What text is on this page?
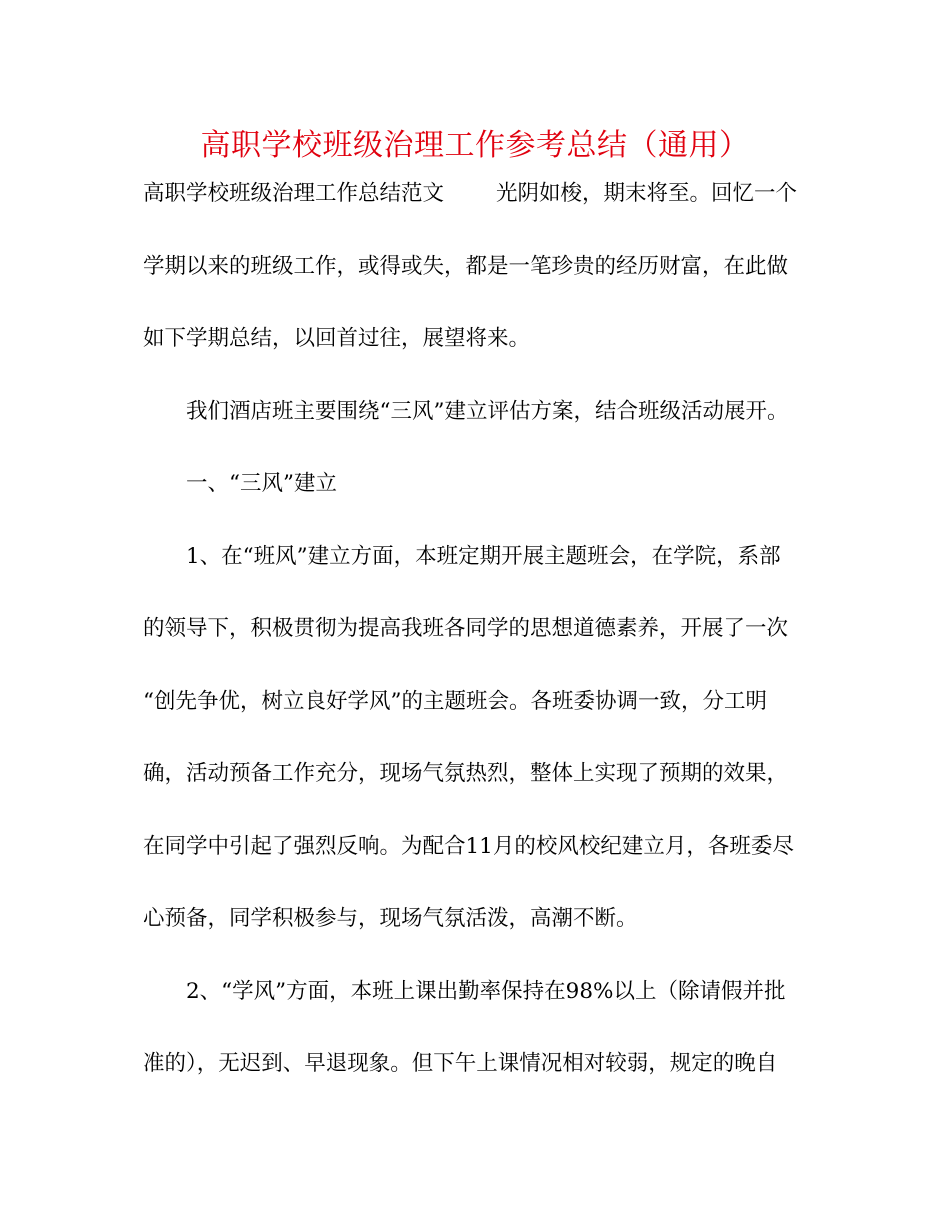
高职学校班级治理工作参考总结（通用）

高职学校班级治理工作总结范文 光阴如梭，期末将至。回忆一个

学期以来的班级工作，或得或失，都是一笔珍贵的经历财富，在此做

如下学期总结，以回首过往，展望将来。

我们酒店班主要围绕“三风”建立评估方案，结合班级活动展开。

一、“三风”建立

1、在“班风”建立方面，本班定期开展主题班会，在学院，系部

的领导下，积极贯彻为提高我班各同学的思想道德素养，开展了一次

“创先争优，树立良好学风”的主题班会。各班委协调一致，分工明

确，活动预备工作充分，现场气氛热烈，整体上实现了预期的效果，

在同学中引起了强烈反响。为配合11月的校风校纪建立月，各班委尽

心预备，同学积极参与，现场气氛活泼，高潮不断。

2、“学风”方面，本班上课出勤率保持在98%以上（除请假并批

准的），无迟到、早退现象。但下午上课情况相对较弱，规定的晚自
